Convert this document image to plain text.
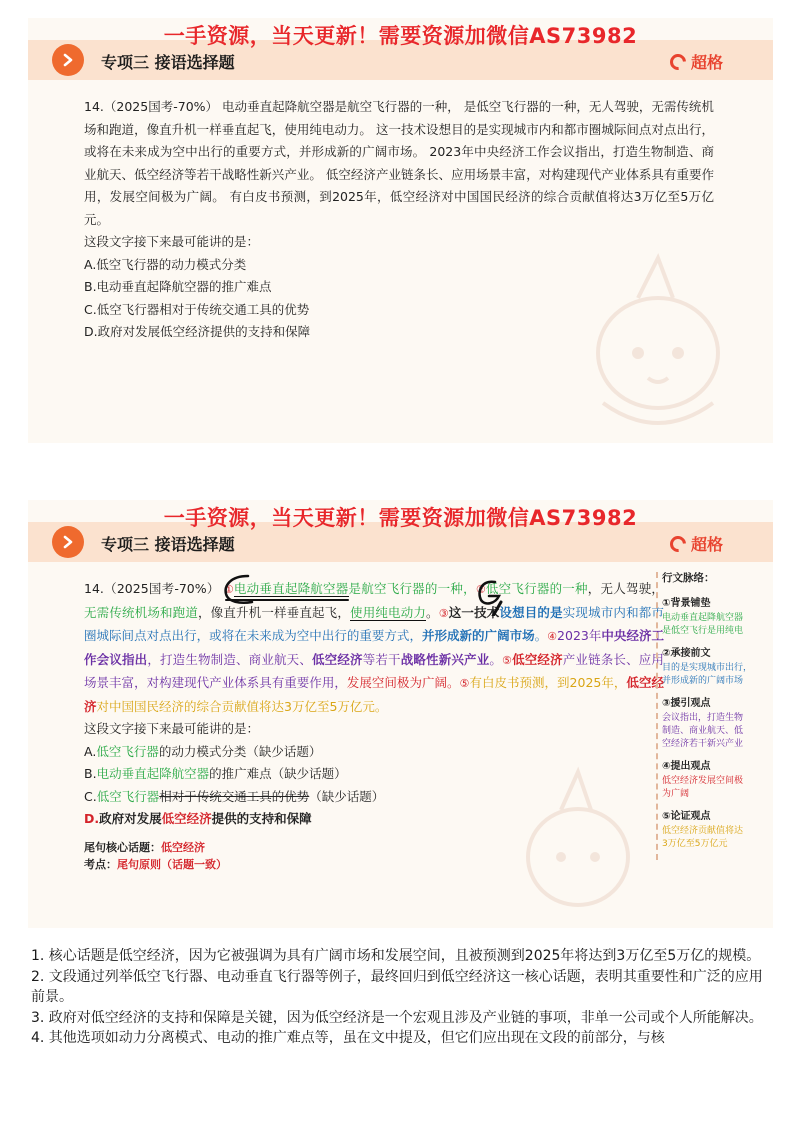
专项三 接语选择题	超格
一手资源，当天更新！需要资源加微信AS73982

14.（2025国考-70%） 电动垂直起降航空器是航空飞行器的一种， 是低空飞行器的一种，无人驾驶，无需传统机场和跑道，像直升机一样垂直起飞，使用纯电动力。 这一技术设想目的是实现城市内和都市圈城际间点对点出行，或将在未来成为空中出行的重要方式，并形成新的广阔市场。 2023年中央经济工作会议指出，打造生物制造、商业航天、低空经济等若干战略性新兴产业。 低空经济产业链条长、应用场景丰富，对构建现代产业体系具有重要作用，发展空间极为广阔。 有白皮书预测，到2025年，低空经济对中国国民经济的综合贡献值将达3万亿至5万亿元。

这段文字接下来最可能讲的是：

A.低空飞行器的动力模式分类
B.电动垂直起降航空器的推广难点
C.低空飞行器相对于传统交通工具的优势
D.政府对发展低空经济提供的支持和保障
专项三 接语选择题	超格
一手资源，当天更新！需要资源加微信AS73982

14.（2025国考-70%） ①电动垂直起降航空器是航空飞行器的一种，②低空飞行器的一种，无人驾驶，无需传统机场和跑道，像直升机一样垂直起飞，使用纯电动力。③这一技术设想目的是实现城市内和都市圈城际间点对点出行，或将在未来成为空中出行的重要方式，并形成新的广阔市场。④2023年中央经济工作会议指出，打造生物制造、商业航天、低空经济等若干战略性新兴产业。⑤低空经济产业链条长、应用场景丰富，对构建现代产业体系具有重要作用，发展空间极为广阔。⑤有白皮书预测，到2025年，低空经济对中国国民经济的综合贡献值将达3万亿至5万亿元。

这段文字接下来最可能讲的是：

A.低空飞行器的动力模式分类（缺少话题）
B.电动垂直起降航空器的推广难点（缺少话题）
C.低空飞行器相对于传统交通工具的优势（缺少话题）
D.政府对发展低空经济提供的支持和保障
尾句核心话题：低空经济
考点：尾句原则（话题一致）
行文脉络：
①背景铺垫
电动垂直起降航空器
是低空飞行是用纯电
②承接前文
目的是实现城市出行，
并形成新的广阔市场
③援引观点
会议指出，打造生物
制造、商业航天、低
空经济若干新兴产业
④提出观点
低空经济发展空间极
为广阔
⑤论证观点
低空经济贡献值将达
3万亿至5万亿元

1. 核心话题是低空经济，因为它被强调为具有广阔市场和发展空间，且被预测到2025年将达到3万亿至5万亿的规模。

2. 文段通过列举低空飞行器、电动垂直飞行器等例子，最终回归到低空经济这一核心话题，表明其重要性和广泛的应用前景。

3. 政府对低空经济的支持和保障是关键，因为低空经济是一个宏观且涉及产业链的事项，非单一公司或个人所能解决。

4. 其他选项如动力分离模式、电动的推广难点等，虽在文中提及，但它们应出现在文段的前部分，与核
